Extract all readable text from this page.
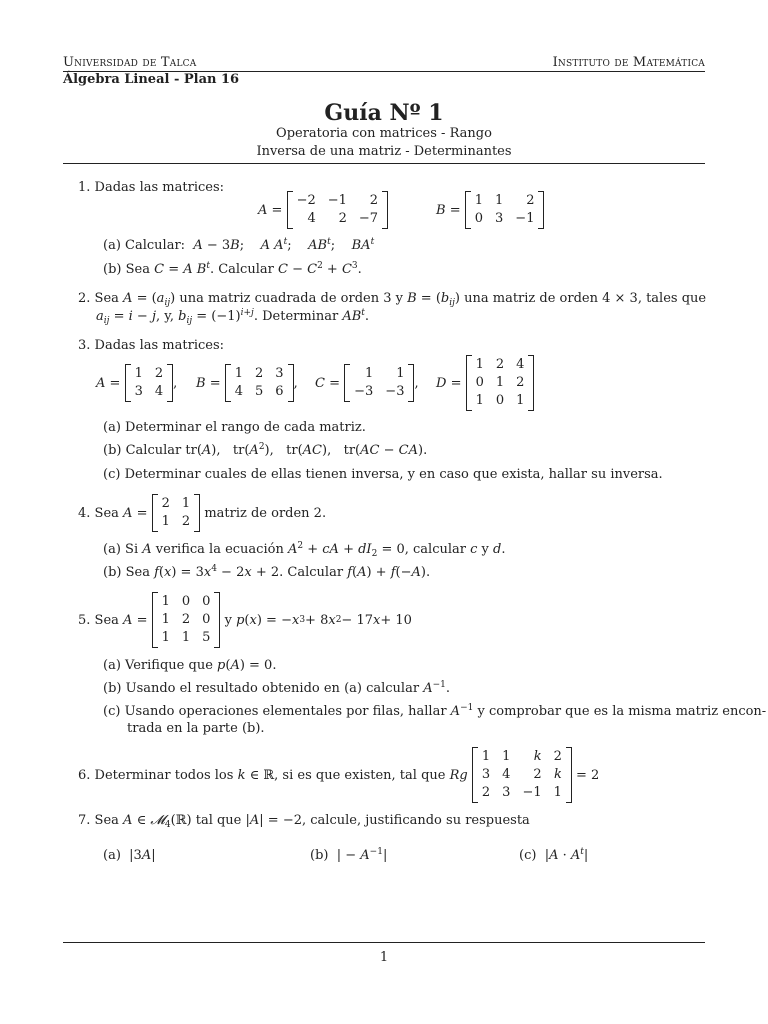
Universidad de Talca	Instituto de Matemática
Álgebra Lineal - Plan 16
Guía Nº 1
Operatoria con matrices - Rango
Inversa de una matriz - Determinantes
1. Dadas las matrices:
A =
−2 −1	2
4	2 −7
B =
1 1	2
0 3 −1
(a) Calcular:  A − 3B;    A $A^t$;    $AB^t$;    $BA^t$
(b) Sea C = A $B^t$. Calcular $C - C^2 + C^3$.
2. Sea $A = (a_{ij})$ una matriz cuadrada de orden 3 y $B = (b_{ij})$ una matriz de orden 4 × 3, tales que
$a_{ij} = i - j$, y, $b_{ij} = (-1)^{i+j}$. Determinar $AB^t$.
3. Dadas las matrices:
A =
1 2
3 4
, B =
1 2 3
4 5 6
, C =
1	1
−3 −3
, D =
1 2 4
0 1 2
1 0 1
(a) Determinar el rango de cada matriz.
(b) Calcular tr(A),   $tr(A^2)$,   tr(AC),   tr(AC − CA).
(c) Determinar cuales de ellas tienen inversa, y en caso que exista, hallar su inversa.
4.
Sea
A =
2 1
1 2

matriz de orden 2.
(a) Si A verifica la ecuación $A^2$ + cA + $dI_2 = 0$, calcular c y d.
(b) Sea $f(x) = 3x^4 - 2x + 2$. Calcular f(A) + f(−A).
5.
Sea
A =
1 0 0
1 2 0
1 1 5

y
p ( x ) = − x 3 + 8 x 2 − 17 x + 10
(a) Verifique que p(A) = 0.
(b) Usando el resultado obtenido en (a) calcular $A^{-1}$.
(c) Usando operaciones elementales por filas, hallar $A^{-1}$ y comprobar que es la misma matriz encon-
trada en la parte (b).
6.
Determinar todos los
k ∈ ℝ , si es que existen, tal que
Rg

1 1	k 2
3 4	2 k
2 3 −1 1

= 2
7. Sea A ∈ 𝓜$_4$(ℝ) tal que |A| = −2, calcule, justificando su respuesta
(a)  |3A|	(b)  | − $A^{-1}|$	(c)  $|A \cdot A^t|$
1
